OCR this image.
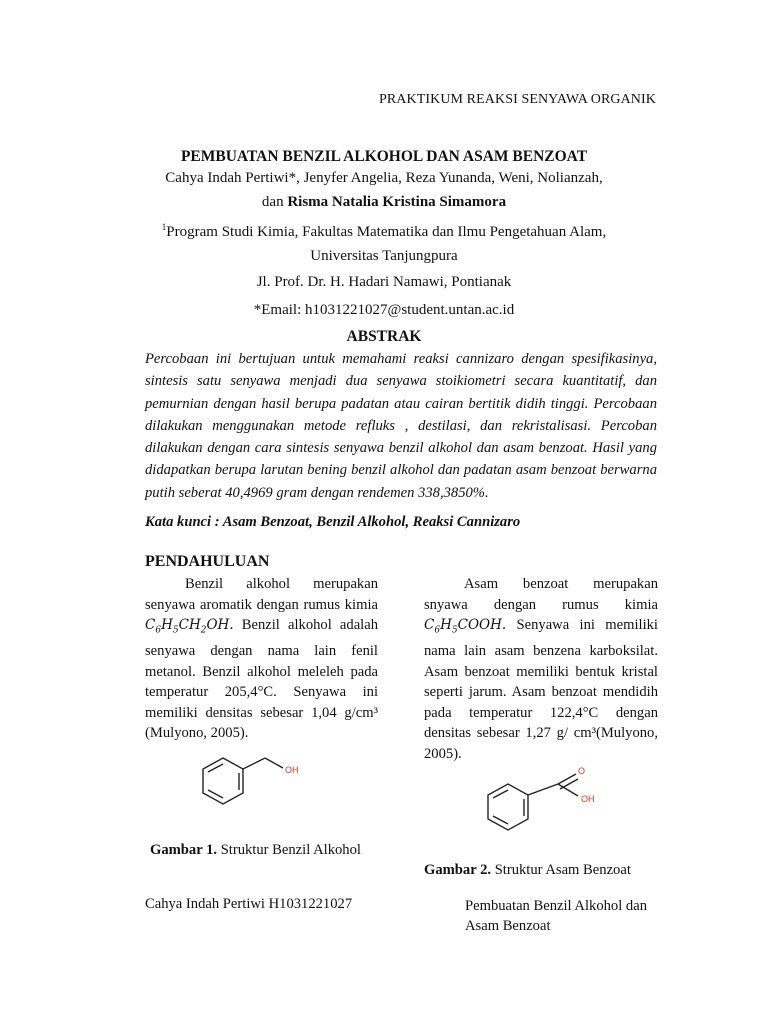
PRAKTIKUM REAKSI SENYAWA ORGANIK
PEMBUATAN BENZIL ALKOHOL DAN ASAM BENZOAT
Cahya Indah Pertiwi*, Jenyfer Angelia, Reza Yunanda, Weni, Nolianzah,
dan Risma Natalia Kristina Simamora
$^1$Program Studi Kimia, Fakultas Matematika dan Ilmu Pengetahuan Alam,
Universitas Tanjungpura
Jl. Prof. Dr. H. Hadari Namawi, Pontianak
*Email: h1031221027@student.untan.ac.id
ABSTRAK
Percobaan ini bertujuan untuk memahami reaksi cannizaro dengan spesifikasinya,
sintesis satu senyawa menjadi dua senyawa stoikiometri secara kuantitatif, dan
pemurnian dengan hasil berupa padatan atau cairan bertitik didih tinggi. Percobaan
dilakukan menggunakan metode refluks , destilasi, dan rekristalisasi. Percoban
dilakukan dengan cara sintesis senyawa benzil alkohol dan asam benzoat. Hasil yang
didapatkan berupa larutan bening benzil alkohol dan padatan asam benzoat berwarna
putih seberat 40,4969 gram dengan rendemen 338,3850%.
Kata kunci : Asam Benzoat, Benzil Alkohol, Reaksi Cannizaro
PENDAHULUAN
Benzil alkohol merupakan
senyawa aromatik dengan rumus kimia
$C_6H_5CH_2OH$. Benzil alkohol adalah
senyawa dengan nama lain fenil
metanol. Benzil alkohol meleleh pada
temperatur 205,4°C. Senyawa ini
memiliki densitas sebesar 1,04 g/cm³
(Mulyono, 2005).
Asam benzoat merupakan
snyawa dengan rumus kimia
$C_6H_5COOH$. Senyawa ini memiliki
nama lain asam benzena karboksilat.
Asam benzoat memiliki bentuk kristal
seperti jarum. Asam benzoat mendidih
pada temperatur 122,4°C dengan
densitas sebesar 1,27 g/ cm³(Mulyono,
2005).
OH
Gambar 1. Struktur Benzil Alkohol
O
OH
Gambar 2. Struktur Asam Benzoat
Cahya Indah Pertiwi H1031221027	Pembuatan Benzil Alkohol dan
Asam Benzoat
